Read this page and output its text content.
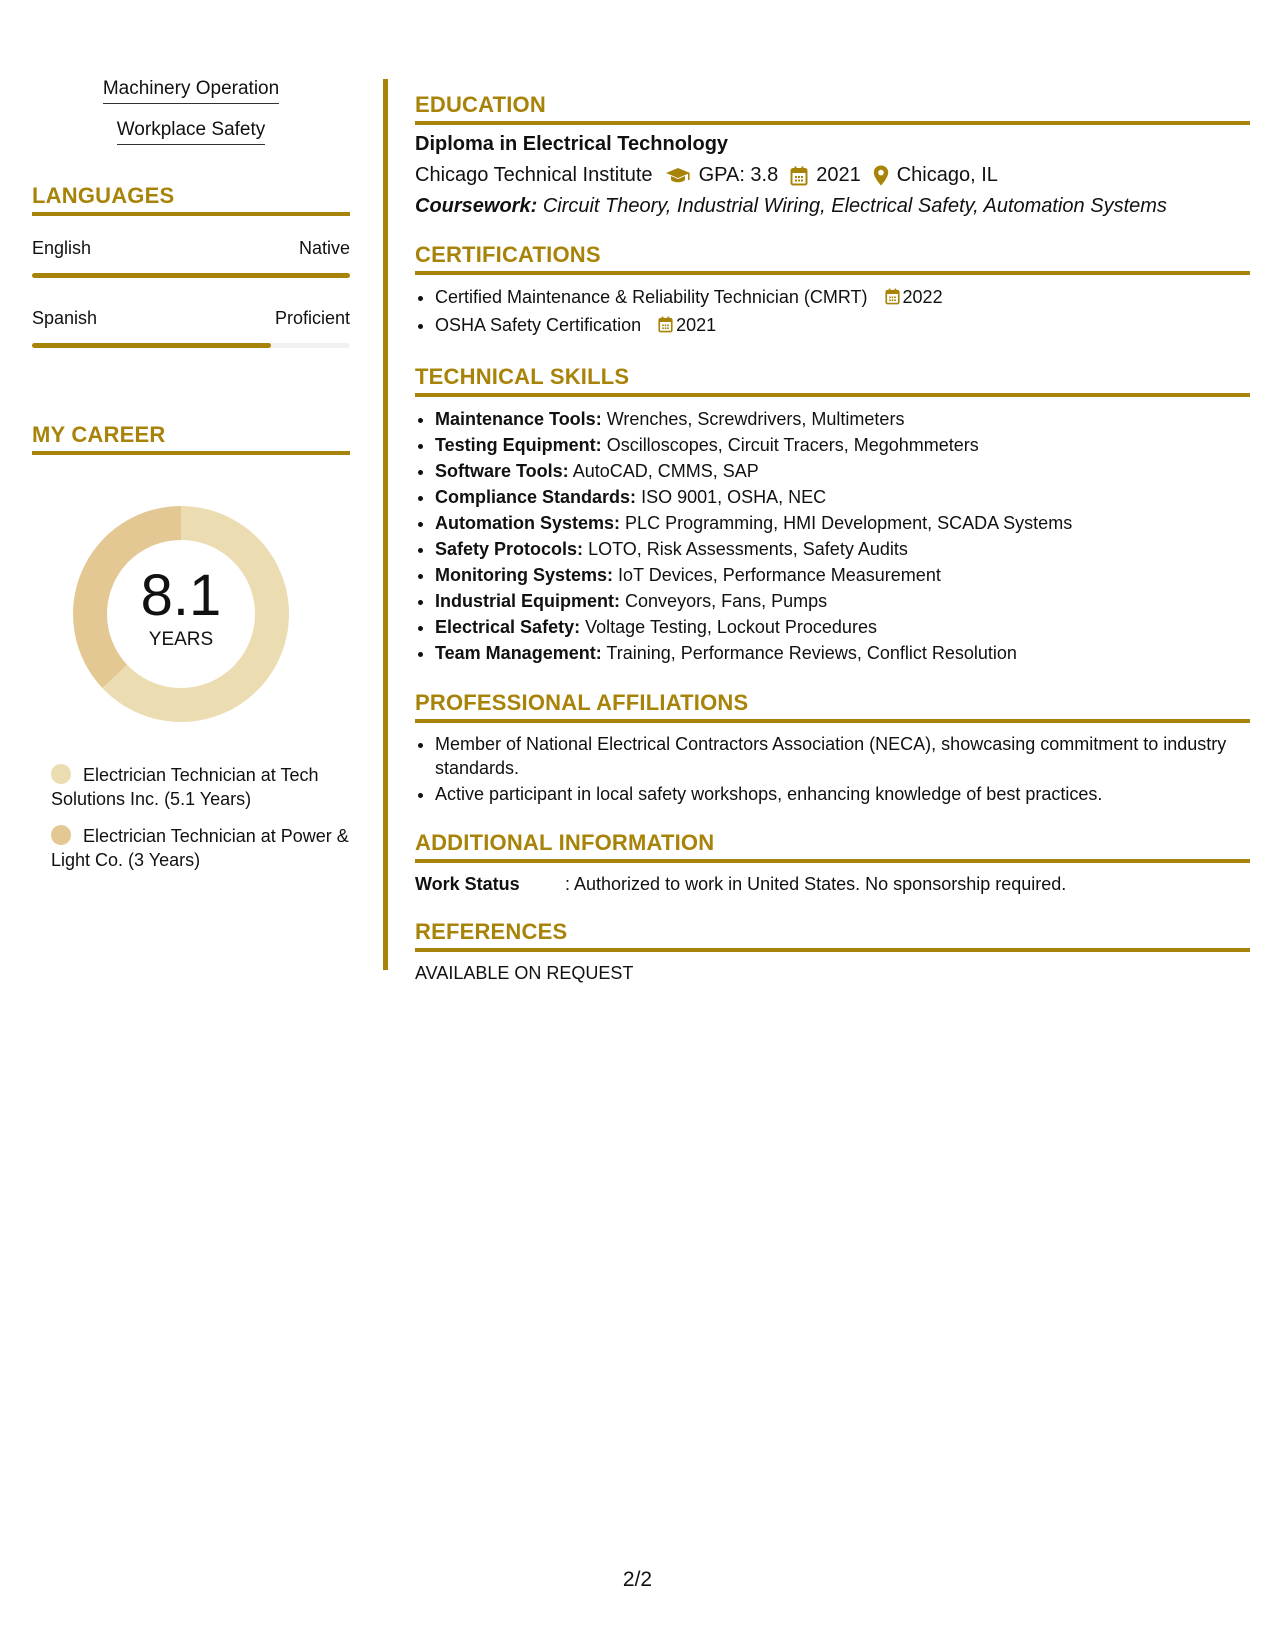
Machinery Operation
Workplace Safety
LANGUAGES
English	Native
Spanish	Proficient
MY CAREER
8.1
YEARS
Electrician Technician at Tech Solutions Inc. (5.1 Years)
Electrician Technician at Power & Light Co. (3 Years)
EDUCATION
Diploma in Electrical Technology
Chicago Technical Institute GPA: 3.8 2021 Chicago, IL
Coursework: Circuit Theory, Industrial Wiring, Electrical Safety, Automation Systems
CERTIFICATIONS
• Certified Maintenance & Reliability Technician (CMRT) 2022
• OSHA Safety Certification 2021
TECHNICAL SKILLS
• Maintenance Tools: Wrenches, Screwdrivers, Multimeters
• Testing Equipment: Oscilloscopes, Circuit Tracers, Megohmmeters
• Software Tools: AutoCAD, CMMS, SAP
• Compliance Standards: ISO 9001, OSHA, NEC
• Automation Systems: PLC Programming, HMI Development, SCADA Systems
• Safety Protocols: LOTO, Risk Assessments, Safety Audits
• Monitoring Systems: IoT Devices, Performance Measurement
• Industrial Equipment: Conveyors, Fans, Pumps
• Electrical Safety: Voltage Testing, Lockout Procedures
• Team Management: Training, Performance Reviews, Conflict Resolution
PROFESSIONAL AFFILIATIONS
• Member of National Electrical Contractors Association (NECA), showcasing commitment to industry standards.
• Active participant in local safety workshops, enhancing knowledge of best practices.
ADDITIONAL INFORMATION
Work Status	: Authorized to work in United States. No sponsorship required.
REFERENCES
AVAILABLE ON REQUEST
2/2
